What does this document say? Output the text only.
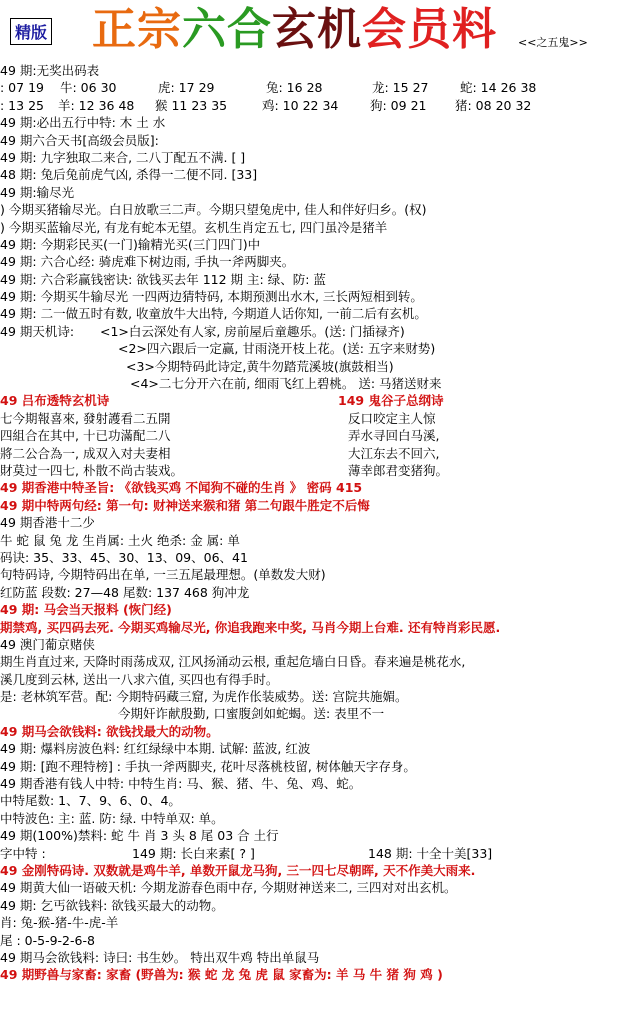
精版 正宗六合玄机会员料 <<之五鬼>>
49 期:无奖出码表
: 07 19 牛: 06 30	虎: 17 29	兔: 16 28	龙: 15 27	蛇: 14 26 38
: 13 25 羊: 12 36 48 猴 11 23 35	鸡: 10 22 34	狗: 09 21 猪: 08 20 32
49 期:必出五行中特: 木 土 水
49 期六合天书[高级会员版]:
49 期: 九字独取二来合, 二八丁配五不满. [ ]
48 期: 兔后兔前虎气凶, 杀得一二便不同. [33]
49 期:输尽光
) 今期买猪输尽光。白日放歌三二声。今期只望兔虎中, 佳人和伴好归乡。(权)
) 今期买蓝输尽光, 有龙有蛇本无望。玄机生肖定五七, 四门虽冷是猪羊
49 期: 今期彩民买(一门)输精光买(三门四门)中
49 期: 六合心经: 骑虎难下树边雨, 手执一斧两脚夹。
49 期: 六合彩赢钱密诀: 欲钱买去年 112 期 主: 绿、防: 蓝
49 期: 今期买牛输尽光 一四两边猜特码, 本期预测出水木, 三长两短相到转。
49 期: 二一做五时有数, 收童放牛大出特, 今期道人话你知, 一前二后有玄机。
49 期天机诗: <1>白云深处有人家, 房前屋后童趣乐。(送: 门插禄齐)
<2>四六跟后一定赢, 甘雨浇开枝上花。(送: 五字来财势)
<3>今期特码此诗定,黄牛勿踏荒溪坡(旗鼓相当)
<4>二七分开六在前, 细雨飞红上碧桃。 送: 马猪送财来
49 吕布透特玄机诗	149 鬼谷子总纲诗
七今期報喜來, 發射護看二五開	反口咬定主人惊
四組合在其中, 十已功滿配二八	弄水寻回白马溪,
將二公合為一, 成双入对夫妻相	大江东去不回六,
財莫过一四七, 朴散不尚古装戏。	薄幸郎君变猪狗。
49 期香港中特圣旨: 《欲钱买鸡 不闻狗不碰的生肖 》 密码 415
49 期中特两句经: 第一句: 财神送来猴和猪 第二句跟牛胜定不后悔
49 期香港十二少
牛 蛇 鼠 兔 龙 生肖属: 土火 绝杀: 金 属: 单
码诀: 35、33、45、30、13、09、06、41
句特码诗, 今期特码出在单, 一三五尾最理想。(单数发大财)
红防蓝 段数: 27—48 尾数: 137 468 狗冲龙
49 期: 马会当天报料 (恢门经)
期禁鸡, 买四码去死. 今期买鸡输尽光, 你追我跑来中奖, 马肖今期上台难. 还有特肖彩民愿.
49 澳门葡京赌侠
期生肖直过来, 天降时雨荡成双, 江风扬涌动云根, 重起危墙白日昏。春来遍是桃花水,
溪几度到云林, 送出一八求六值, 买四也有得手时。
是: 老林筑军营。配: 今期特码藏三窟, 为虎作伥装威势。送: 宫院共施媚。
今期奸诈献殷勤, 口蜜腹剑如蛇蝎。送: 表里不一
49 期马会欲钱料: 欲钱找最大的动物。
49 期: 爆料房波色料: 红红绿绿中本期. 试解: 蓝波, 红波
49 期: [跑不理特榜] : 手执一斧两脚夹, 花叶尽落桃枝留, 树体触天字存身。
49 期香港有钱人中特: 中特生肖: 马、猴、猪、牛、兔、鸡、蛇。
中特尾数: 1、7、9、6、0、4。
中特波色: 主: 蓝. 防: 绿. 中特单双: 单。
49 期(100%)禁料: 蛇 牛 肖 3 头 8 尾 03 合 土行
字中特 :	149 期: 长白来素[ ? ]	148 期: 十全十美[33]
49 金刚特码诗. 双数就是鸡牛羊, 单数开鼠龙马狗, 三一四七尽朝晖, 天不作美大雨来.
49 期黄大仙一语破天机: 今期龙游春色雨中存, 今期财神送来二, 三四对对出玄机。
49 期: 乞丐欲钱料: 欲钱买最大的动物。
肖: 兔-猴-猪-牛-虎-羊
尾 : 0-5-9-2-6-8
49 期马会欲钱料: 诗曰: 书生妙。 特出双牛鸡 特出单鼠马
49 期野兽与家畜: 家畜 (野兽为: 猴 蛇 龙 兔 虎 鼠 家畜为: 羊 马 牛 猪 狗 鸡 )
